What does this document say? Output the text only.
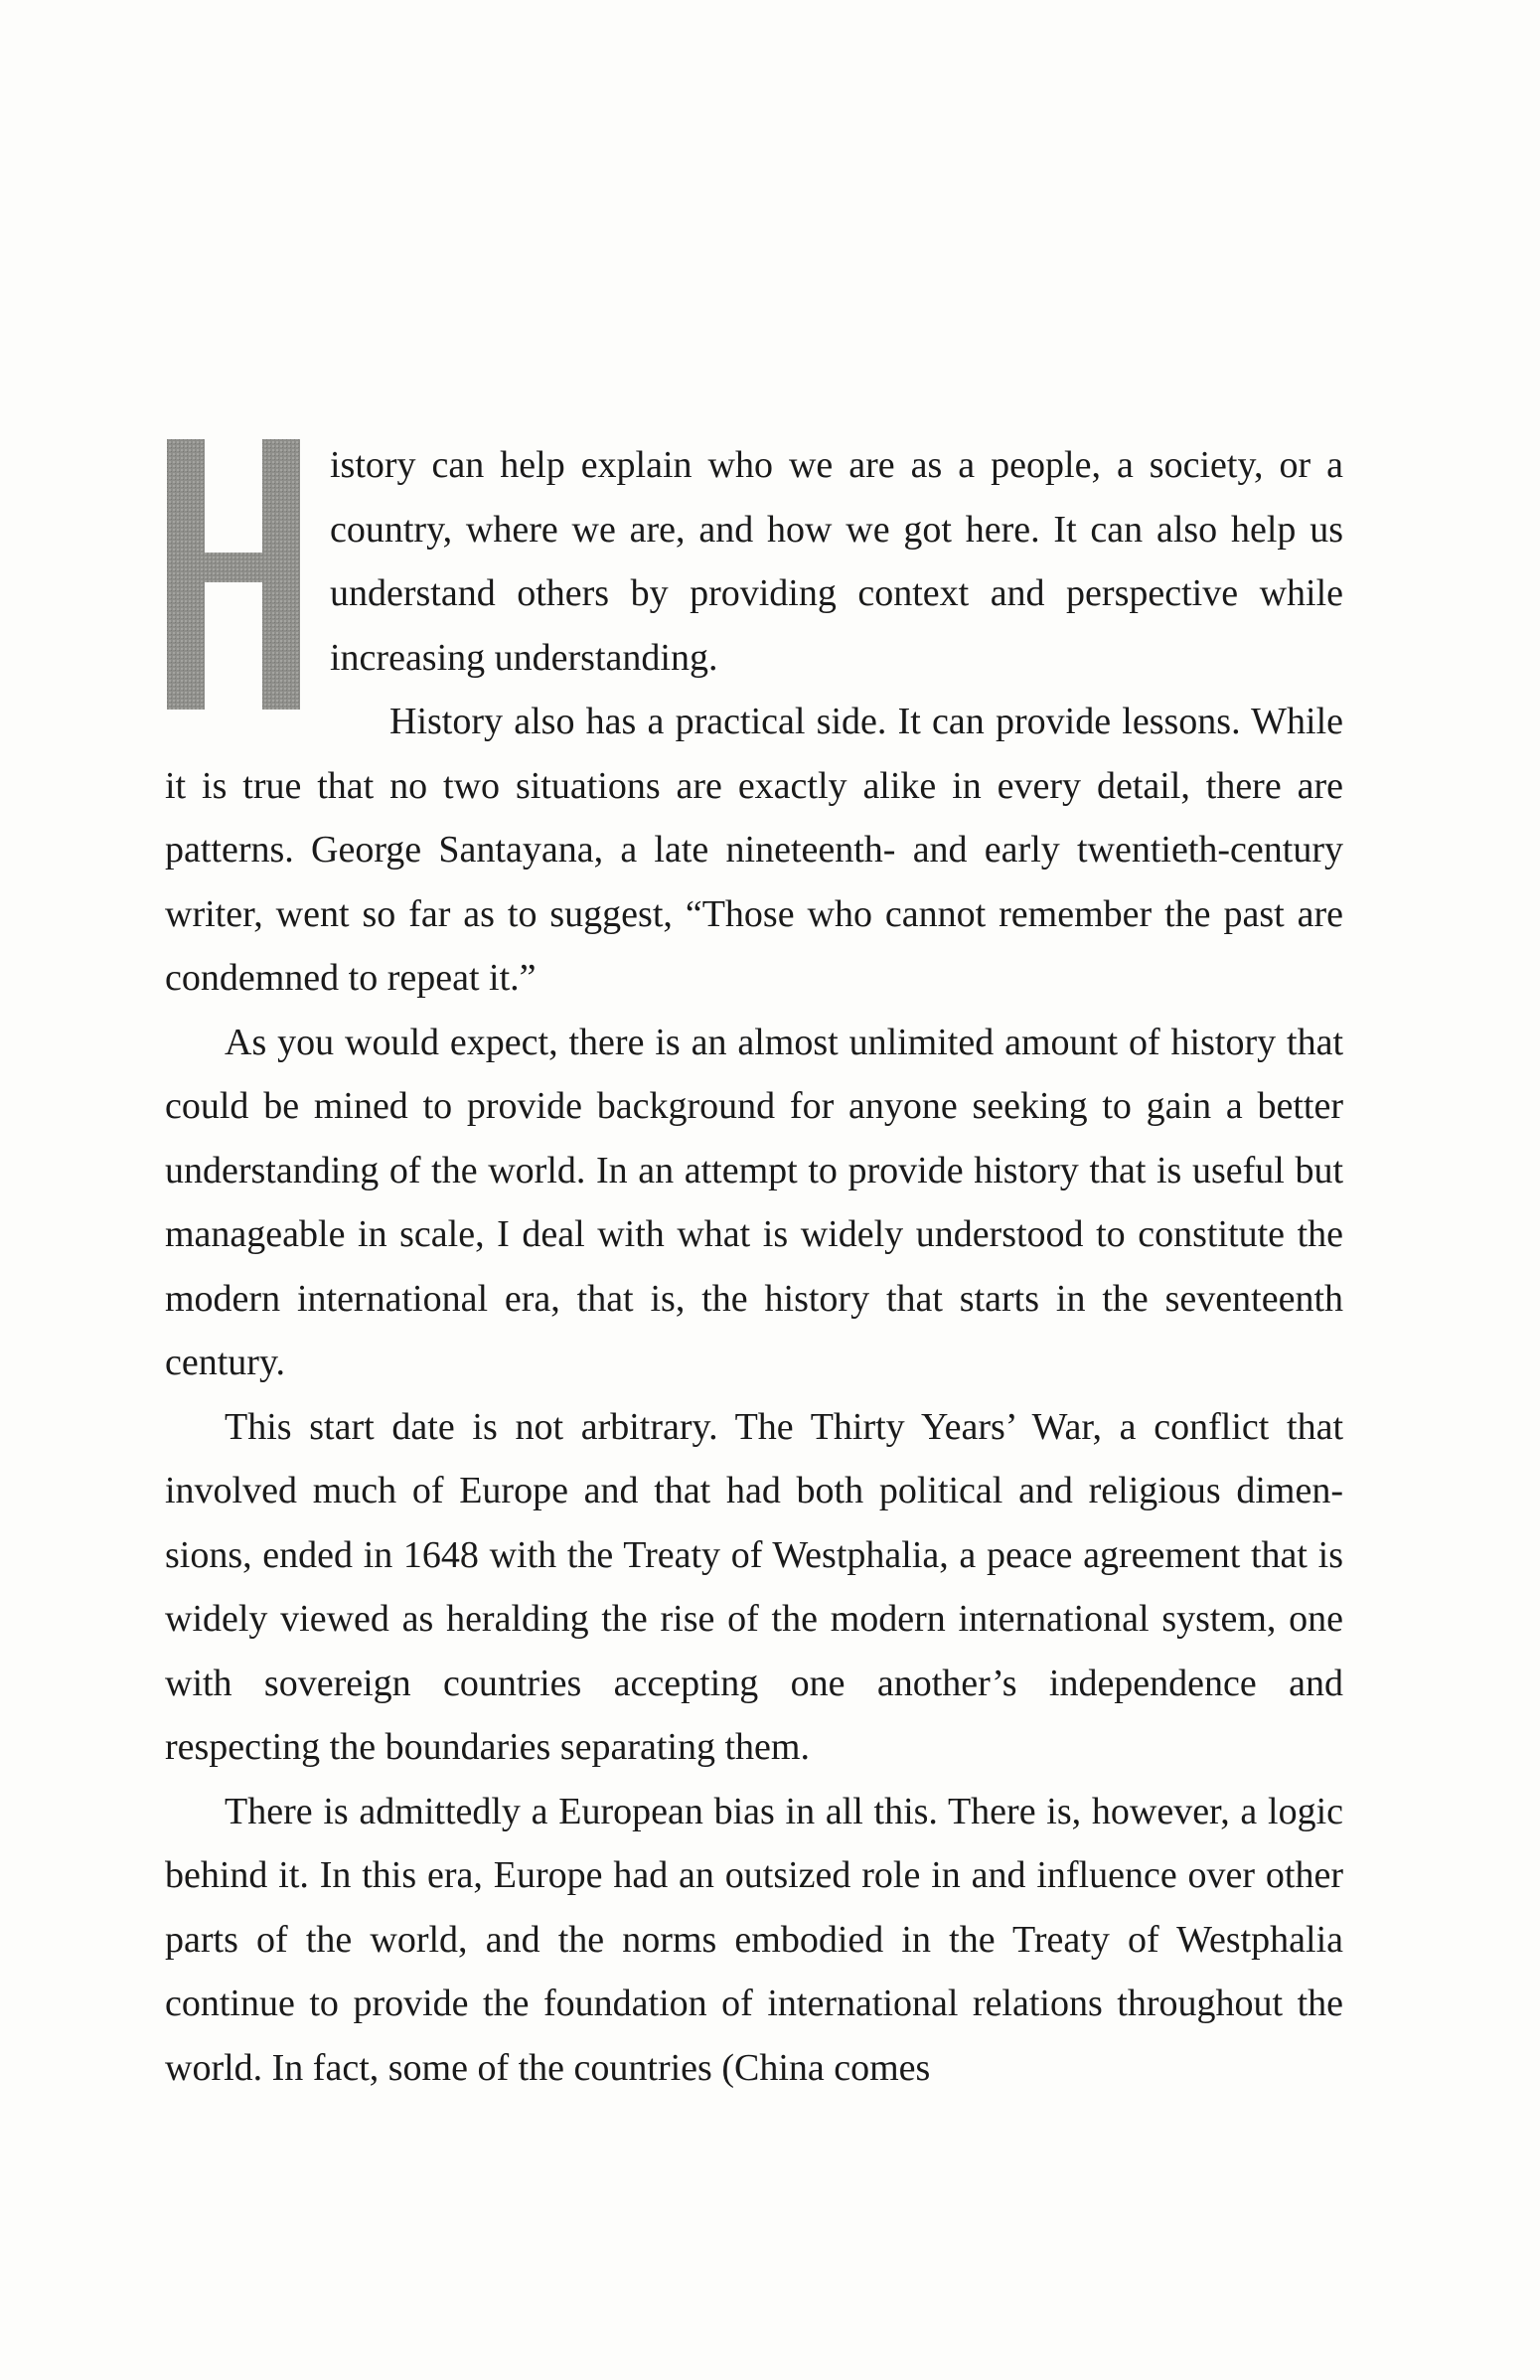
istory can help explain who we are as a people, a society, or a country, where we are, and how we got here. It can also help us understand others by providing context and perspective while increasing understanding.

History also has a practical side. It can provide lessons. While it is true that no two situations are exactly alike in every detail, there are patterns. George Santayana, a late nineteenth- and early twentieth-century writer, went so far as to suggest, “Those who cannot remember the past are condemned to repeat it.”

As you would expect, there is an almost unlimited amount of history that could be mined to provide background for anyone seeking to gain a better understanding of the world. In an attempt to provide history that is useful but manageable in scale, I deal with what is widely understood to constitute the modern international era, that is, the history that starts in the seventeenth century.

This start date is not arbitrary. The Thirty Years’ War, a conflict that involved much of Europe and that had both political and religious dimensions, ended in 1648 with the Treaty of Westphalia, a peace agreement that is widely viewed as heralding the rise of the modern international system, one with sovereign countries accepting one another’s independence and respecting the boundaries separating them.

There is admittedly a European bias in all this. There is, however, a logic behind it. In this era, Europe had an outsized role in and influence over other parts of the world, and the norms embodied in the Treaty of Westphalia continue to provide the foundation of international relations throughout the world. In fact, some of the countries (China comes
